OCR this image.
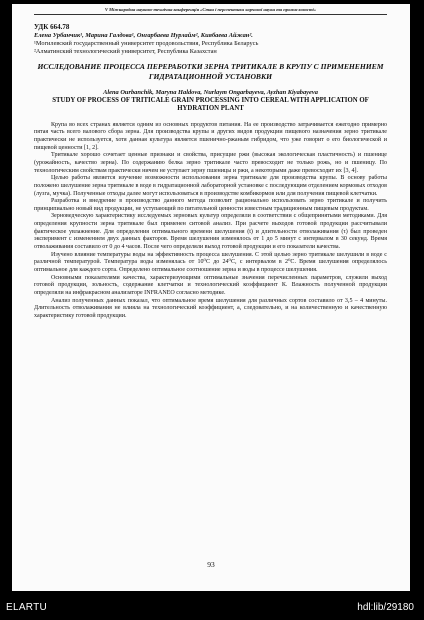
V Міжнародна науково-технічна конференція «Стан і перспективи харчової науки та промисловості»
УДК 664.78
Елена Урбанчик¹, Марина Галдова¹, Онгарбаева Нурлайм², Киябаева Айжан².
¹Могилевский государственный университет продовольствия, Республика Беларусь
²Алматинский технологический университет, Республика Казахстан
ИССЛЕДОВАНИЕ ПРОЦЕССА ПЕРЕРАБОТКИ ЗЕРНА ТРИТИКАЛЕ В КРУПУ С ПРИМЕНЕНИЕМ ГИДРАТАЦИОННОЙ УСТАНОВКИ
Alena Ourbanchik, Maryna Haldova, Nurlaym Ongarbayeva, Ayzhan Kiyabayeva
STUDY OF PROCESS OF TRITICALE GRAIN PROCESSING INTO CEREAL WITH APPLICATION OF HYDRATION PLANT

Крупа во всех странах является одним из основных продуктов питания. На ее производство затрачивается ежегодно примерно пятая часть всего валового сбора зерна. Для производства крупы и других видов продукции пищевого назначения зерно тритикале практически не используется, хотя данная культура является пшенично-ржаным гибридом, что уже говорит о его биологической и пищевой ценности [1, 2].

Тритикале хорошо сочетает ценные признаки и свойства, присущие ржи (высокая экологическая пластичность) и пшенице (урожайность, качество зерна). По содержанию белка зерно тритикале часто превосходит не только рожь, но и пшеницу. По технологическим свойствам практически ничем не уступает зерну пшеницы и ржи, а некоторыми даже превосходит их [3, 4].

Целью работы является изучение возможности использования зерна тритикале для производства крупы. В основу работы положено шелушение зерна тритикале в воде в гидратационной лабораторной установке с последующим отделением кормовых отходов (лузга, мучка). Полученные отходы далее могут использоваться в производстве комбикормов или для получения пищевой клетчатки.

Разработка и внедрение в производство данного метода позволит рационально использовать зерно тритикале и получить принципиально новый вид продукции, не уступающий по питательной ценности известным традиционным пищевым продуктам.

Зерноведческую характеристику исследуемых зерновых культур определяли в соответствии с общепринятыми методиками. Для определения крупности зерна тритикале был применен ситовой анализ. При расчете выходов готовой продукции рассчитывали фактическое увлажнение. Для определения оптимального времени шелушения (t) и длительности отволаживания (τ) был проведен эксперимент с изменением двух данных факторов. Время шелушения изменялось от 1 до 5 минут с интервалом в 30 секунд. Время отволаживания составило от 0 до 4 часов. После чего определяли выход готовой продукции и его показатели качества.

Изучено влияние температуры воды на эффективность процесса шелушения. С этой целью зерно тритикале шелушили в воде с различной температурой. Температура воды изменялась от 10⁰С до 24⁰С, с интервалом в 2⁰С. Время шелушения определялось оптимальное для каждого сорта. Определено оптимальное соотношение зерна и воды в процессе шелушения.

Основными показателями качества, характеризующими оптимальные значения перечисленных параметров, служили выход готовой продукции, зольность, содержание клетчатки и технологический коэффициент К. Влажность полученной продукции определяли на инфракрасном анализаторе INFRANEO согласно методике.

Анализ полученных данных показал, что оптимальное время шелушения для различных сортов составило от 3,5 – 4 минуты. Длительность отволаживания не влияла на технологический коэффициент, а, следовательно, и на количественную и качественную характеристику готовой продукции.

93
ELARTU	hdl:lib/29180
